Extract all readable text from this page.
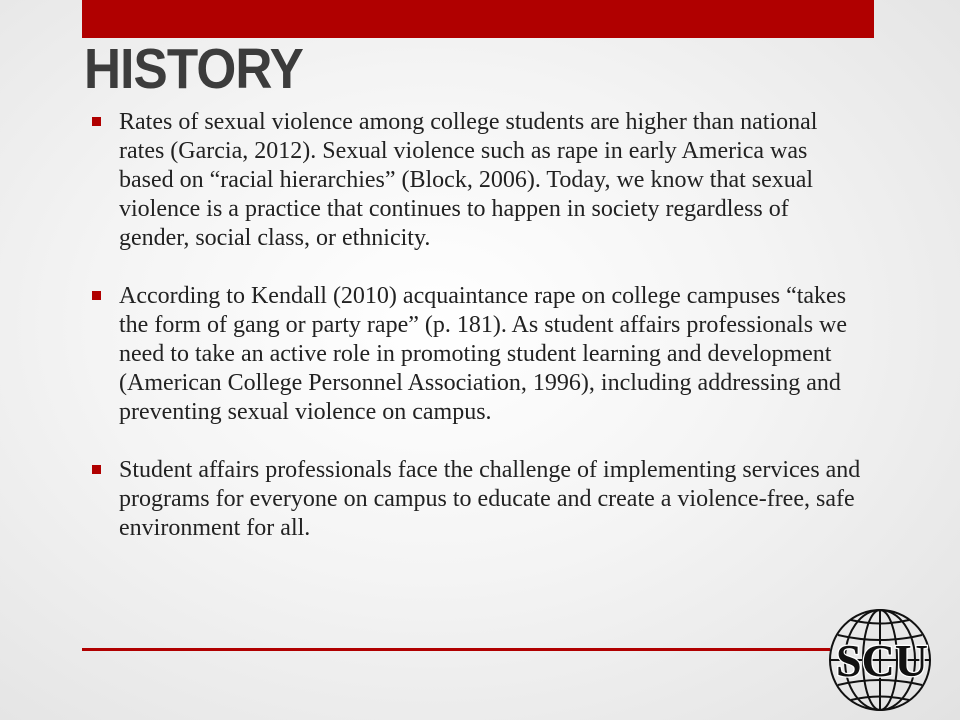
HISTORY
Rates of sexual violence among college students are higher than national rates (Garcia, 2012). Sexual violence such as rape in early America was based on “racial hierarchies” (Block, 2006). Today, we know that sexual violence is a practice that continues to happen in society regardless of gender, social class, or ethnicity.
According to Kendall (2010) acquaintance rape on college campuses “takes the form of gang or party rape” (p. 181). As student affairs professionals we need to take an active role in promoting student learning and development (American College Personnel Association, 1996), including addressing and preventing sexual violence on campus.
Student affairs professionals face the challenge of implementing services and programs for everyone on campus to educate and create a violence-free, safe environment for all.
SCU
